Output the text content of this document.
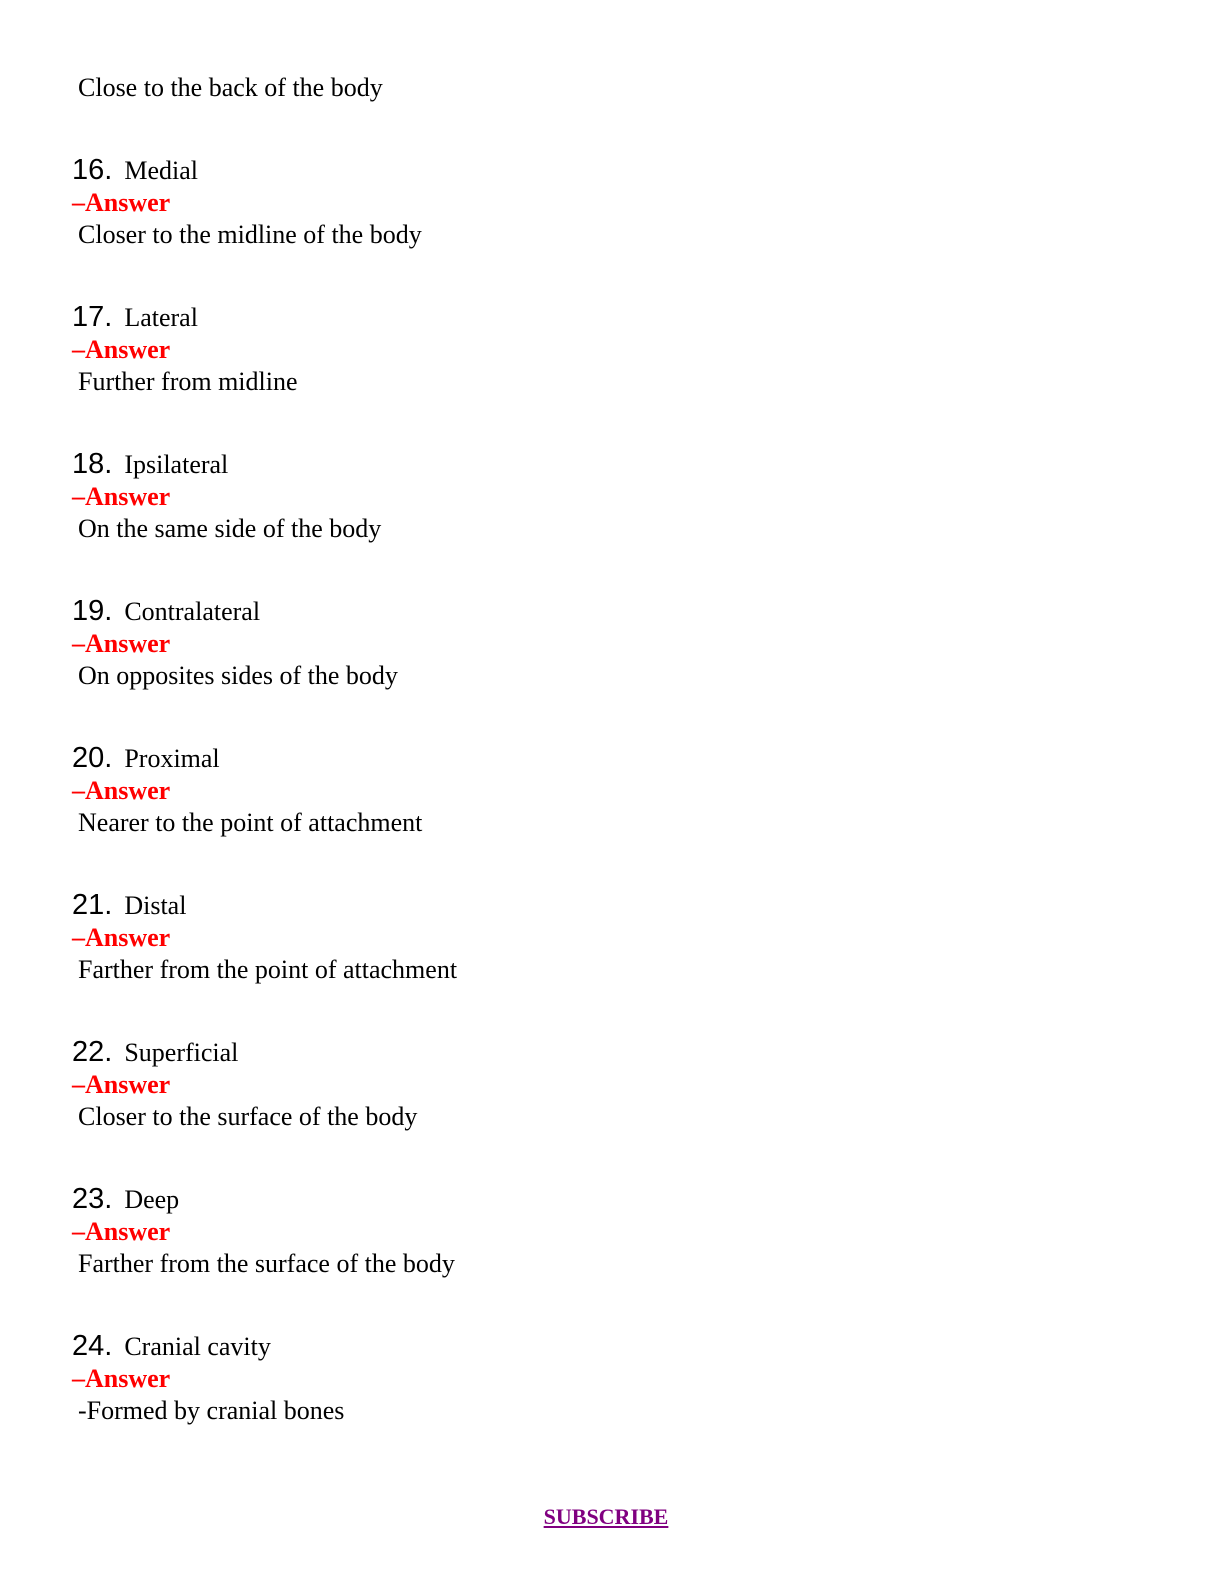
Close to the back of the body
16. Medial
–Answer
Closer to the midline of the body
17. Lateral
–Answer
Further from midline
18. Ipsilateral
–Answer
On the same side of the body
19. Contralateral
–Answer
On opposites sides of the body
20. Proximal
–Answer
Nearer to the point of attachment
21. Distal
–Answer
Farther from the point of attachment
22. Superficial
–Answer
Closer to the surface of the body
23. Deep
–Answer
Farther from the surface of the body
24. Cranial cavity
–Answer
-Formed by cranial bones
SUBSCRIBE
